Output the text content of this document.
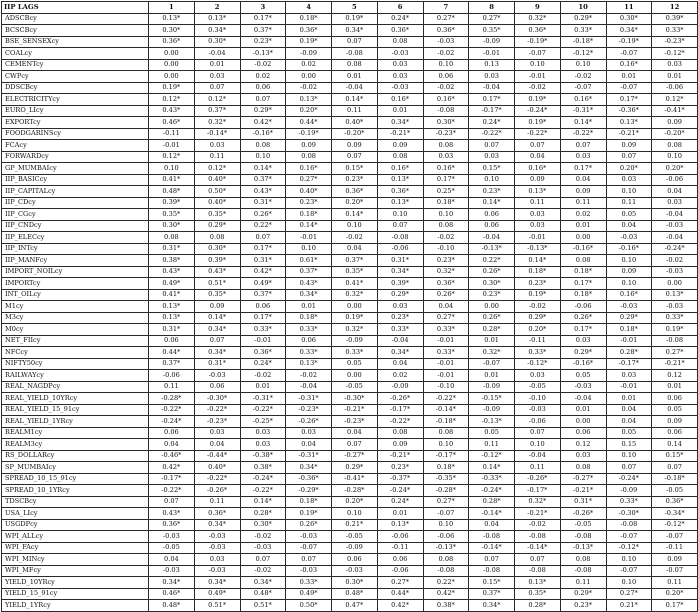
IIP LAGS	1	2	3	4	5	6	7	8	9	10	11	12
ADSCBcy	0.13*	0.13*	0.17*	0.18*	0.19*	0.24*	0.27*	0.27*	0.32*	0.29*	0.30*	0.39*
BCSCBcy	0.30*	0.34*	0.37*	0.36*	0.34*	0.36*	0.36*	0.35*	0.36*	0.33*	0.34*	0.33*
BSE_SENSEXcy	0.36*	0.30*	0.23*	0.19*	0.07	0.08	-0.03	-0.09	-0.19*	-0.18*	-0.19*	-0.23*
COALcy	0.00	-0.04	-0.13*	-0.09	-0.08	-0.03	-0.02	-0.01	-0.07	-0.12*	-0.07	-0.12*
CEMENTcy	0.00	0.01	-0.02	0.02	0.08	0.03	0.10	0.13	0.10	0.10	0.16*	0.03
CWPcy	0.00	0.03	0.02	0.00	0.01	0.03	0.06	0.03	-0.01	-0.02	0.01	0.01
DDSCBcy	0.19*	0.07	0.06	-0.02	-0.04	-0.03	-0.02	-0.04	-0.02	-0.07	-0.07	-0.06
ELECTRICITYcy	0.12*	0.12*	0.07	0.13*	0.14*	0.16*	0.16*	0.17*	0.19*	0.16*	0.17*	0.12*
EURO_LIcy	0.43*	0.37*	0.29*	0.20*	0.11	0.01	-0.08	-0.17*	-0.24*	-0.31*	-0.36*	-0.41*
EXPORTcy	0.46*	0.32*	0.42*	0.44*	0.40*	0.34*	0.30*	0.24*	0.19*	0.14*	0.13*	0.09
FOODGARINScy	-0.11	-0.14*	-0.16*	-0.19*	-0.20*	-0.21*	-0.23*	-0.22*	-0.22*	-0.22*	-0.21*	-0.20*
FCAcy	-0.01	0.03	0.08	0.09	0.09	0.09	0.08	0.07	0.07	0.07	0.09	0.08
FORWARDcy	0.12*	0.11	0.10	0.08	0.07	0.08	0.03	0.03	0.04	0.03	0.07	0.10
GP_MUMBAIcy	0.10	0.12*	0.14*	0.16*	0.15*	0.16*	0.16*	0.15*	0.16*	0.17*	0.20*	0.20*
IIP_BASICcy	0.41*	0.40*	0.37*	0.27*	0.23*	0.13*	0.17*	0.10	0.09	0.04	0.03	-0.06
IIP_CAPITALcy	0.48*	0.50*	0.43*	0.40*	0.36*	0.36*	0.25*	0.23*	0.13*	0.09	0.10	0.04
IIP_CDcy	0.39*	0.40*	0.31*	0.23*	0.20*	0.13*	0.18*	0.14*	0.11	0.11	0.11	0.03
IIP_CGcy	0.35*	0.35*	0.26*	0.18*	0.14*	0.10	0.10	0.06	0.03	0.02	0.05	-0.04
IIP_CNDcy	0.30*	0.29*	0.22*	0.14*	0.10	0.07	0.08	0.06	0.03	0.01	0.04	-0.03
IIP_ELECcy	0.08	0.08	0.07	-0.01	-0.02	-0.08	-0.02	-0.04	-0.01	0.00	-0.03	-0.04
IIP_INTcy	0.31*	0.30*	0.17*	0.10	0.04	-0.06	-0.10	-0.13*	-0.13*	-0.16*	-0.16*	-0.24*
IIP_MANFcy	0.38*	0.39*	0.31*	0.61*	0.37*	0.31*	0.23*	0.22*	0.14*	0.08	0.10	-0.02
IMPORT_NOILcy	0.43*	0.43*	0.42*	0.37*	0.35*	0.34*	0.32*	0.26*	0.18*	0.18*	0.09	-0.03
IMPORTcy	0.49*	0.51*	0.49*	0.43*	0.41*	0.39*	0.36*	0.30*	0.23*	0.17*	0.10	0.00
INT_OILcy	0.41*	0.35*	0.37*	0.34*	0.32*	0.29*	0.26*	0.23*	0.19*	0.18*	0.16*	0.13*
M1cy	0.13*	0.09	0.06	0.01	0.00	0.03	0.04	0.00	-0.02	-0.06	-0.03	-0.03
M3cy	0.13*	0.14*	0.17*	0.18*	0.19*	0.23*	0.27*	0.26*	0.29*	0.26*	0.29*	0.33*
M0cy	0.31*	0.34*	0.33*	0.33*	0.32*	0.33*	0.33*	0.28*	0.20*	0.17*	0.18*	0.19*
NET_FIIcy	0.06	0.07	-0.01	0.06	-0.09	-0.04	-0.01	0.01	-0.11	0.03	-0.01	-0.08
NFCcy	0.44*	0.34*	0.36*	0.33*	0.33*	0.34*	0.33*	0.32*	0.33*	0.29*	0.28*	0.27*
NIFTY50cy	0.37*	0.31*	0.24*	0.13*	0.05	0.04	-0.01	-0.07	-0.12*	-0.16*	-0.17*	-0.21*
RAILWAYcy	-0.06	-0.03	-0.02	-0.02	0.00	0.02	-0.01	0.01	0.03	0.05	0.03	0.12
REAL_NAGDPcy	0.11	0.06	0.01	-0.04	-0.05	-0.09	-0.10	-0.09	-0.05	-0.03	-0.01	0.01
REAL_YIELD_10YRcy	-0.28*	-0.30*	-0.31*	-0.31*	-0.30*	-0.26*	-0.22*	-0.15*	-0.10	-0.04	0.01	0.06
REAL_YIELD_15_91cy	-0.22*	-0.22*	-0.22*	-0.23*	-0.21*	-0.17*	-0.14*	-0.09	-0.03	0.01	0.04	0.05
REAL_YIELD_1YRcy	-0.24*	-0.23*	-0.25*	-0.26*	-0.23*	-0.22*	-0.18*	-0.13*	-0.06	0.00	0.04	0.09
REALM1cy	0.06	0.03	0.03	0.03	0.04	0.08	0.08	0.05	0.07	0.06	0.05	0.06
REALM3cy	0.04	0.04	0.03	0.04	0.07	0.09	0.10	0.11	0.10	0.12	0.15	0.14
RS_DOLLARcy	-0.46*	-0.44*	-0.38*	-0.31*	-0.27*	-0.21*	-0.17*	-0.12*	-0.04	0.03	0.10	0.15*
SP_MUMBAIcy	0.42*	0.40*	0.38*	0.34*	0.29*	0.23*	0.18*	0.14*	0.11	0.08	0.07	0.07
SPREAD_10_15_91cy	-0.17*	-0.22*	-0.24*	-0.36*	-0.41*	-0.37*	-0.35*	-0.33*	-0.26*	-0.27*	-0.24*	-0.18*
SPREAD_10_1YRcy	-0.22*	-0.26*	-0.22*	-0.29*	-0.28*	-0.24*	-0.28*	-0.24*	-0.17*	-0.21*	-0.09	-0.05
TDSCBcy	0.07	0.11	0.14*	0.18*	0.20*	0.24*	0.27*	0.28*	0.32*	0.31*	0.33*	0.36*
USA_LIcy	0.43*	0.36*	0.28*	0.19*	0.10	0.01	-0.07	-0.14*	-0.21*	-0.26*	-0.30*	-0.34*
USGDPcy	0.36*	0.34*	0.30*	0.26*	0.21*	0.13*	0.10	0.04	-0.02	-0.05	-0.08	-0.12*
WPI_ALLcy	-0.03	-0.03	-0.02	-0.03	-0.05	-0.06	-0.06	-0.08	-0.08	-0.08	-0.07	-0.07
WPI_FAcy	-0.05	-0.03	-0.03	-0.07	-0.09	-0.11	-0.13*	-0.14*	-0.14*	-0.13*	-0.12*	-0.11
WPI_MINcy	0.04	0.03	0.07	0.07	0.06	0.06	0.08	0.07	0.07	0.08	0.10	0.09
WPI_MFcy	-0.03	-0.03	-0.02	-0.03	-0.03	-0.06	-0.08	-0.08	-0.08	-0.08	-0.07	-0.07
YIELD_10YRcy	0.34*	0.34*	0.34*	0.33*	0.30*	0.27*	0.22*	0.15*	0.13*	0.11	0.10	0.11
YIELD_15_91cy	0.46*	0.49*	0.48*	0.49*	0.48*	0.44*	0.42*	0.37*	0.35*	0.29*	0.27*	0.20*
YIELD_1YRcy	0.48*	0.51*	0.51*	0.50*	0.47*	0.42*	0.38*	0.34*	0.28*	0.23*	0.21*	0.17*
